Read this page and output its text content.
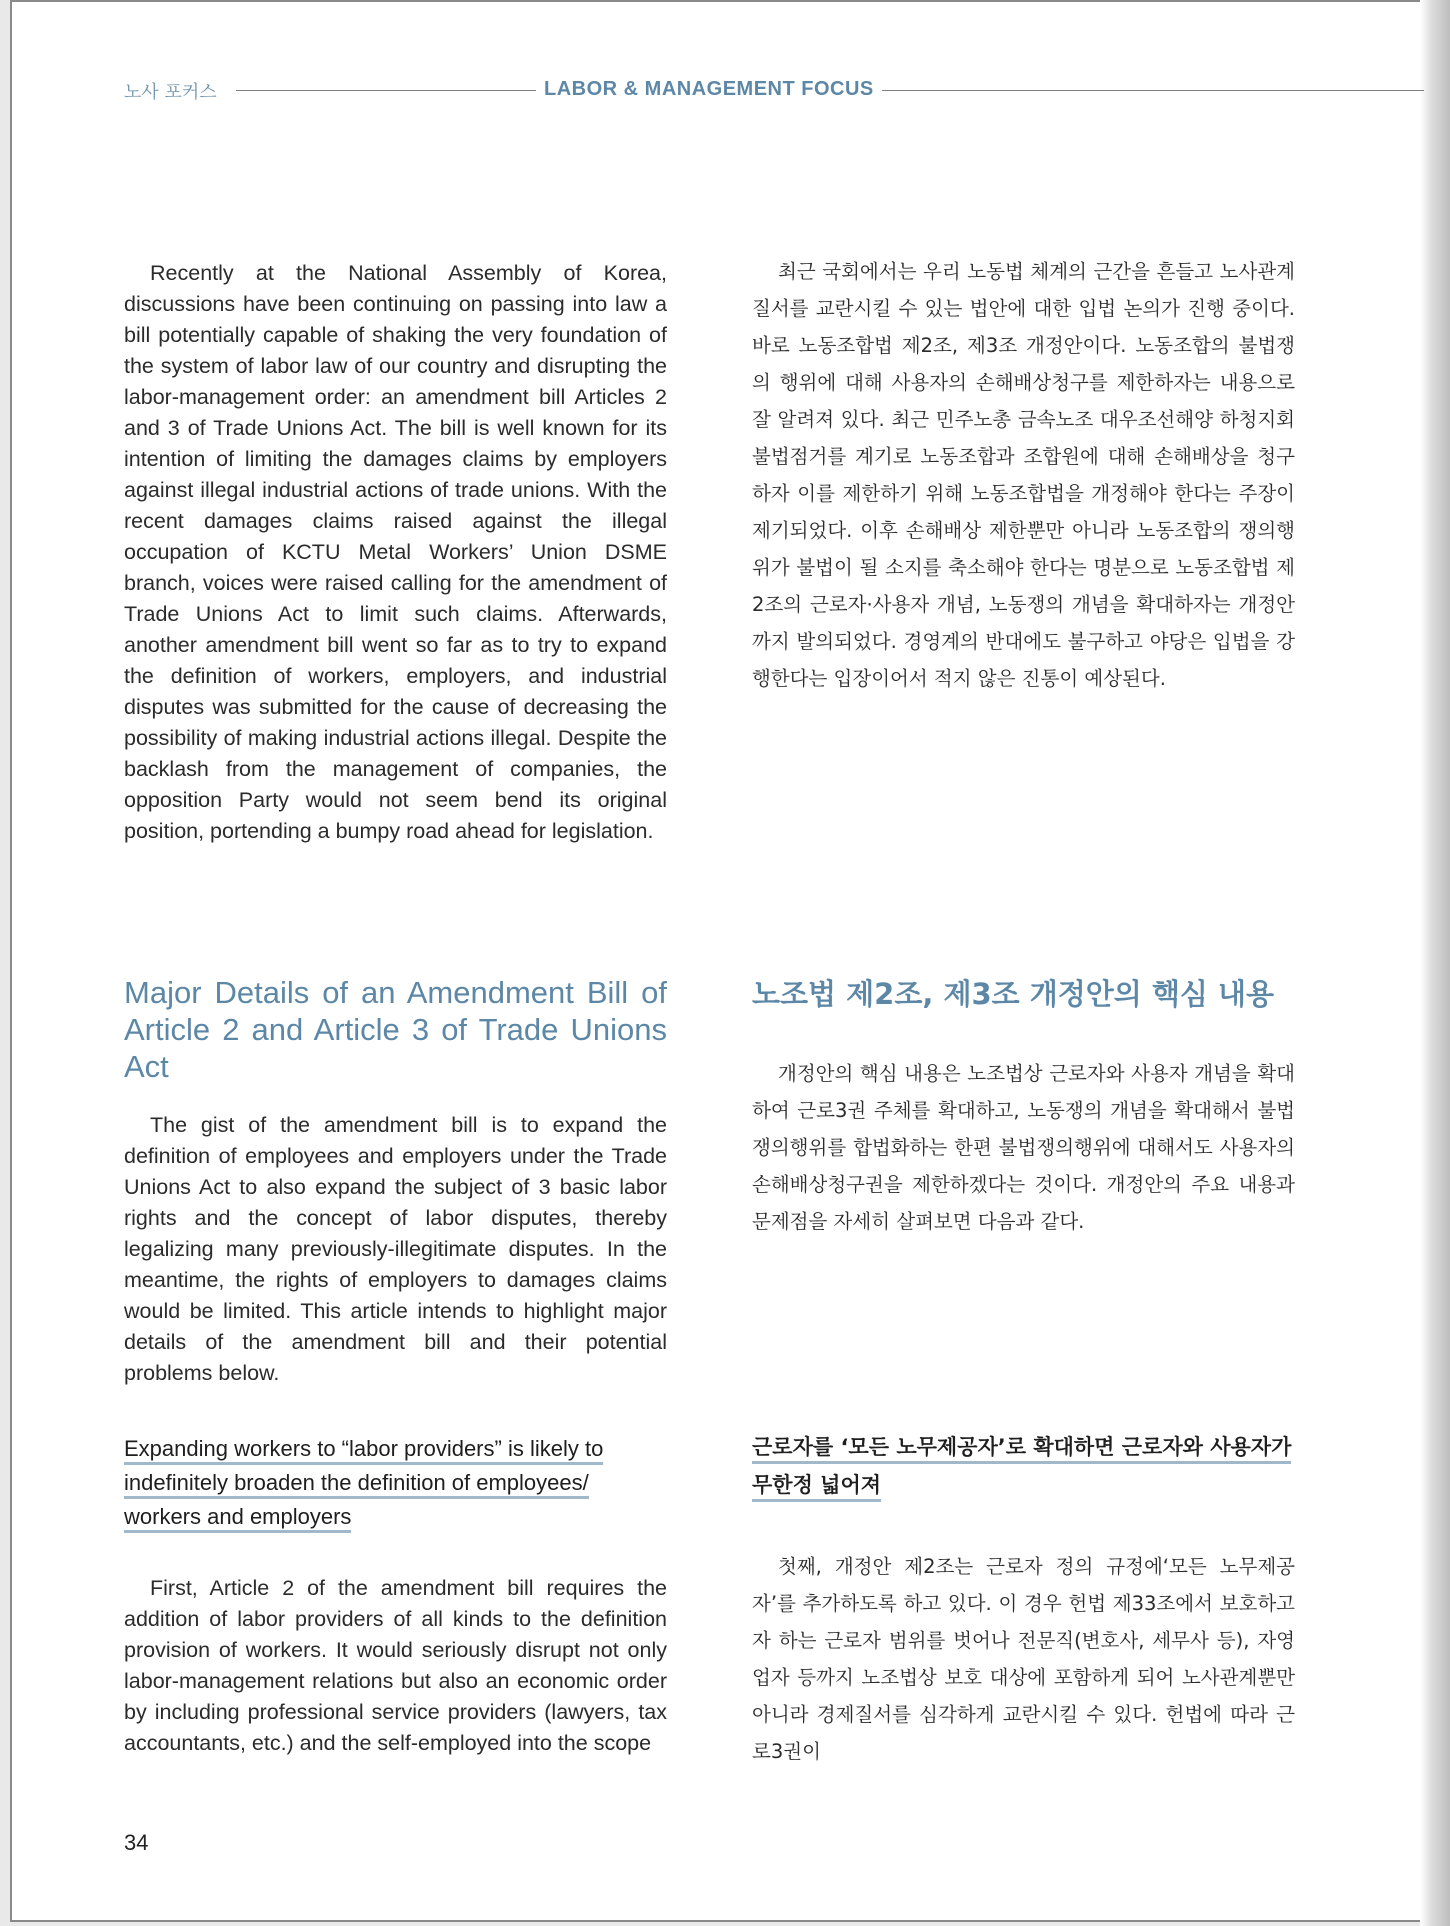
노사 포커스	LABOR & MANAGEMENT FOCUS

Recently at the National Assembly of Korea, discussions have been continuing on passing into law a bill potentially capable of shaking the very foundation of the system of labor law of our country and disrupting the labor-management order: an amendment bill Articles 2 and 3 of Trade Unions Act. The bill is well known for its intention of limiting the damages claims by employers against illegal industrial actions of trade unions. With the recent damages claims raised against the illegal occupation of KCTU Metal Workers’ Union DSME branch, voices were raised calling for the amendment of Trade Unions Act to limit such claims. Afterwards, another amendment bill went so far as to try to expand the definition of workers, employers, and industrial disputes was submitted for the cause of decreasing the possibility of making industrial actions illegal. Despite the backlash from the management of companies, the opposition Party would not seem bend its original position, portending a bumpy road ahead for legislation.

최근 국회에서는 우리 노동법 체계의 근간을 흔들고 노사관계 질서를 교란시킬 수 있는 법안에 대한 입법 논의가 진행 중이다. 바로 노동조합법 제2조, 제3조 개정안이다. 노동조합의 불법쟁의 행위에 대해 사용자의 손해배상청구를 제한하자는 내용으로 잘 알려져 있다. 최근 민주노총 금속노조 대우조선해양 하청지회 불법점거를 계기로 노동조합과 조합원에 대해 손해배상을 청구하자 이를 제한하기 위해 노동조합법을 개정해야 한다는 주장이 제기되었다. 이후 손해배상 제한뿐만 아니라 노동조합의 쟁의행위가 불법이 될 소지를 축소해야 한다는 명분으로 노동조합법 제2조의 근로자·사용자 개념, 노동쟁의 개념을 확대하자는 개정안까지 발의되었다. 경영계의 반대에도 불구하고 야당은 입법을 강행한다는 입장이어서 적지 않은 진통이 예상된다.

Major Details of an Amendment Bill of Article 2 and Article 3 of Trade Unions Act
노조법 제2조, 제3조 개정안의 핵심 내용

The gist of the amendment bill is to expand the definition of employees and employers under the Trade Unions Act to also expand the subject of 3 basic labor rights and the concept of labor disputes, thereby legalizing many previously-illegitimate disputes. In the meantime, the rights of employers to damages claims would be limited. This article intends to highlight major details of the amendment bill and their potential problems below.

개정안의 핵심 내용은 노조법상 근로자와 사용자 개념을 확대하여 근로3권 주체를 확대하고, 노동쟁의 개념을 확대해서 불법쟁의행위를 합법화하는 한편 불법쟁의행위에 대해서도 사용자의 손해배상청구권을 제한하겠다는 것이다. 개정안의 주요 내용과 문제점을 자세히 살펴보면 다음과 같다.

Expanding workers to “labor providers” is likely to
indefinitely broaden the definition of employees/
workers and employers
근로자를 ‘모든 노무제공자’로 확대하면 근로자와 사용자가
무한정 넓어져

First, Article 2 of the amendment bill requires the addition of labor providers of all kinds to the definition provision of workers. It would seriously disrupt not only labor-management relations but also an economic order by including professional service providers (lawyers, tax accountants, etc.) and the self-employed into the scope

첫째, 개정안 제2조는 근로자 정의 규정에‘모든 노무제공자’를 추가하도록 하고 있다. 이 경우 헌법 제33조에서 보호하고자 하는 근로자 범위를 벗어나 전문직(변호사, 세무사 등), 자영업자 등까지 노조법상 보호 대상에 포함하게 되어 노사관계뿐만 아니라 경제질서를 심각하게 교란시킬 수 있다. 헌법에 따라 근로3권이

34
